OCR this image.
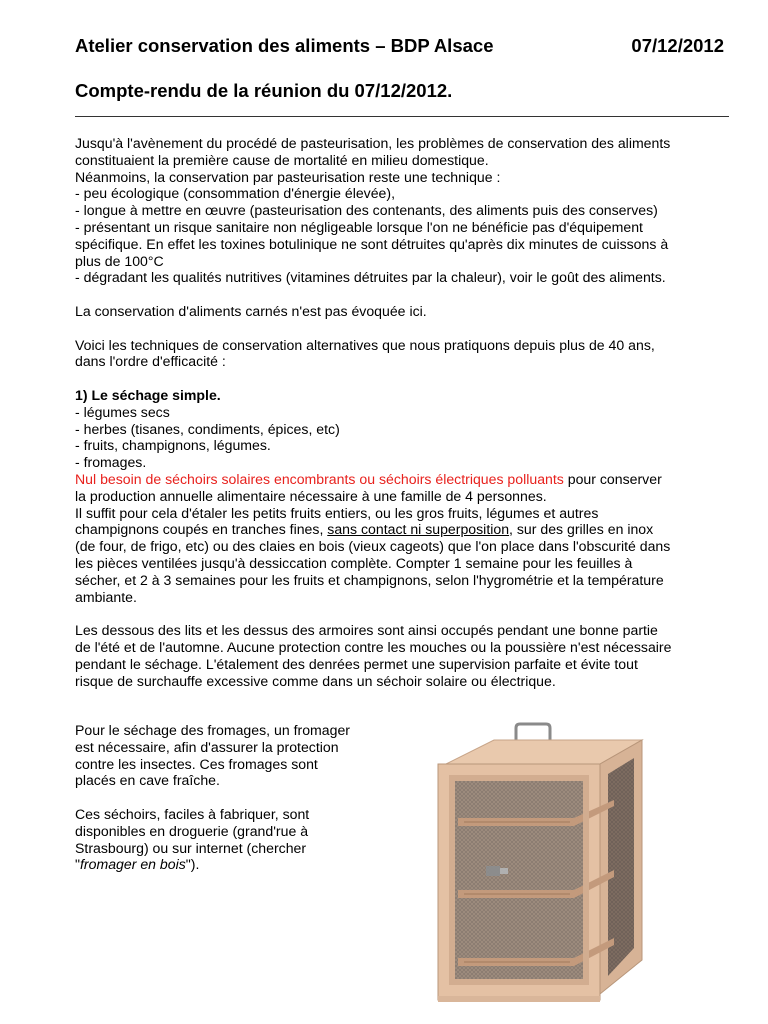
Atelier conservation des aliments – BDP Alsace	07/12/2012
Compte-rendu de la réunion du 07/12/2012.

Jusqu'à l'avènement du procédé de pasteurisation, les problèmes de conservation des aliments

constituaient la première cause de mortalité en milieu domestique.

Néanmoins, la conservation par pasteurisation reste une technique :

- peu écologique (consommation d'énergie élevée),

- longue à mettre en œuvre (pasteurisation des contenants, des aliments puis des conserves)

- présentant un risque sanitaire non négligeable lorsque l'on ne bénéficie pas d'équipement

spécifique. En effet les toxines botulinique ne sont détruites qu'après dix minutes de cuissons à

plus de 100°C

- dégradant les qualités nutritives (vitamines détruites par la chaleur), voir le goût des aliments.

La conservation d'aliments carnés n'est pas évoquée ici.

Voici les techniques de conservation alternatives que nous pratiquons depuis plus de 40 ans,

dans l'ordre d'efficacité :

1) Le séchage simple.

- légumes secs

- herbes (tisanes, condiments, épices, etc)

- fruits, champignons, légumes.

- fromages.

Nul besoin de séchoirs solaires encombrants ou séchoirs électriques polluants pour conserver

la production annuelle alimentaire nécessaire à une famille de 4 personnes.

Il suffit pour cela d'étaler les petits fruits entiers, ou les gros fruits, légumes et autres

champignons coupés en tranches fines, sans contact ni superposition, sur des grilles en inox

(de four, de frigo, etc) ou des claies en bois (vieux cageots) que l'on place dans l'obscurité dans

les pièces ventilées jusqu'à dessiccation complète. Compter 1 semaine pour les feuilles à

sécher, et 2 à 3 semaines pour les fruits et champignons, selon l'hygrométrie et la température

ambiante.

Les dessous des lits et les dessus des armoires sont ainsi occupés pendant une bonne partie

de l'été et de l'automne. Aucune protection contre les mouches ou la poussière n'est nécessaire

pendant le séchage. L'étalement des denrées permet une supervision parfaite et évite tout

risque de surchauffe excessive comme dans un séchoir solaire ou électrique.

Pour le séchage des fromages, un fromager

est nécessaire, afin d'assurer la protection

contre les insectes. Ces fromages sont

placés en cave fraîche.

Ces séchoirs, faciles à fabriquer, sont

disponibles en droguerie (grand'rue à

Strasbourg) ou sur internet (chercher

"fromager en bois").
